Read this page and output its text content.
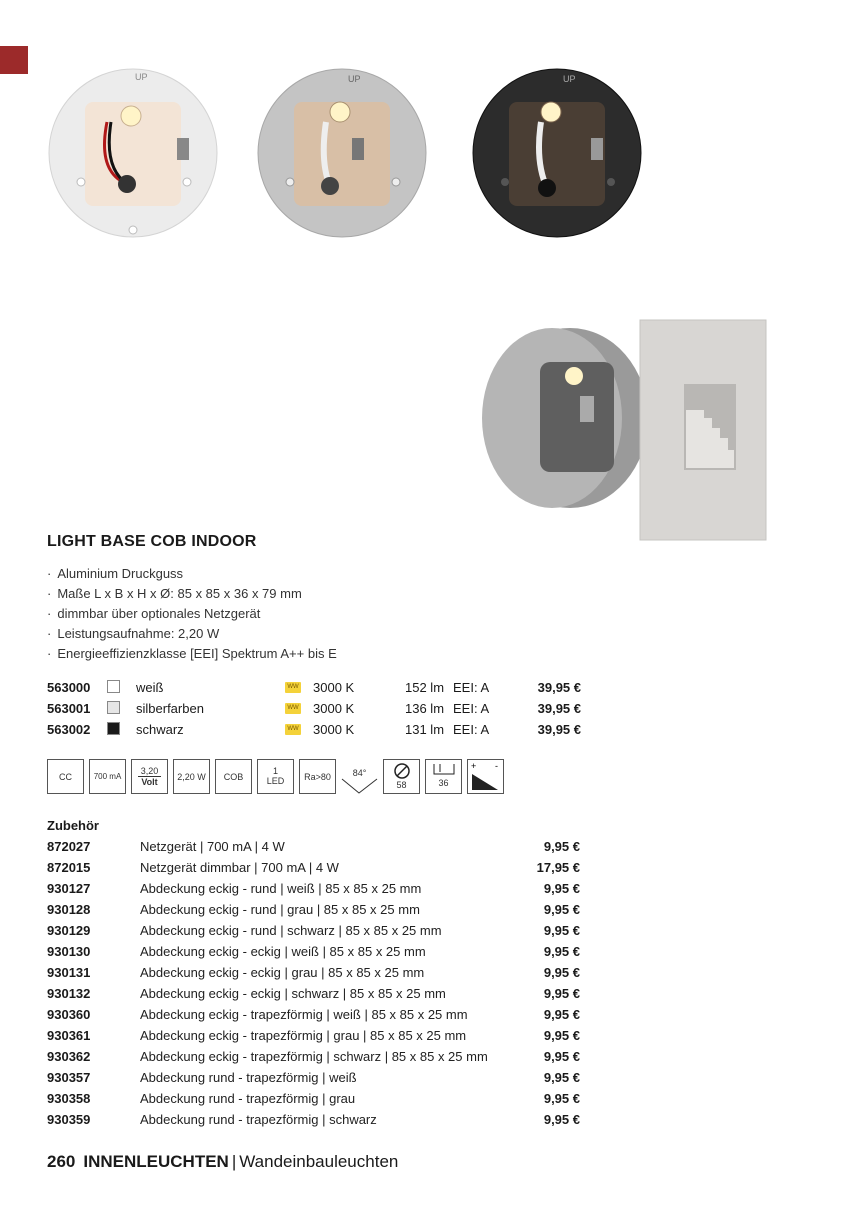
UP	UP	UP
LIGHT BASE COB INDOOR
· Aluminium Druckguss
· Maße L x B x H x Ø: 85 x 85 x 36 x 79 mm
· dimmbar über optionales Netzgerät
· Leistungsaufnahme: 2,20 W
· Energieeffizienzklasse [EEI] Spektrum A++ bis E
563000	weiß	WW 3000 K	152 lm EEI: A	39,95 €
563001	silberfarben	WW 3000 K	136 lm EEI: A	39,95 €
563002	schwarz	WW 3000 K	131 lm EEI: A	39,95 €
CC	700 mA
3,20
Volt	2,20 W	COB
1
LED	Ra>80	84°
58	36
+ -
Zubehör
872027	Netzgerät | 700 mA | 4 W	9,95 €
872015	Netzgerät dimmbar | 700 mA | 4 W	17,95 €
930127	Abdeckung eckig - rund | weiß | 85 x 85 x 25 mm	9,95 €
930128	Abdeckung eckig - rund | grau | 85 x 85 x 25 mm	9,95 €
930129	Abdeckung eckig - rund | schwarz | 85 x 85 x 25 mm	9,95 €
930130	Abdeckung eckig - eckig | weiß | 85 x 85 x 25 mm	9,95 €
930131	Abdeckung eckig - eckig | grau | 85 x 85 x 25 mm	9,95 €
930132	Abdeckung eckig - eckig | schwarz | 85 x 85 x 25 mm	9,95 €
930360	Abdeckung eckig - trapezförmig | weiß | 85 x 85 x 25 mm	9,95 €
930361	Abdeckung eckig - trapezförmig | grau | 85 x 85 x 25 mm	9,95 €
930362	Abdeckung eckig - trapezförmig | schwarz | 85 x 85 x 25 mm	9,95 €
930357	Abdeckung rund - trapezförmig | weiß	9,95 €
930358	Abdeckung rund - trapezförmig | grau	9,95 €
930359	Abdeckung rund - trapezförmig | schwarz	9,95 €
260 INNENLEUCHTEN | Wandeinbauleuchten
